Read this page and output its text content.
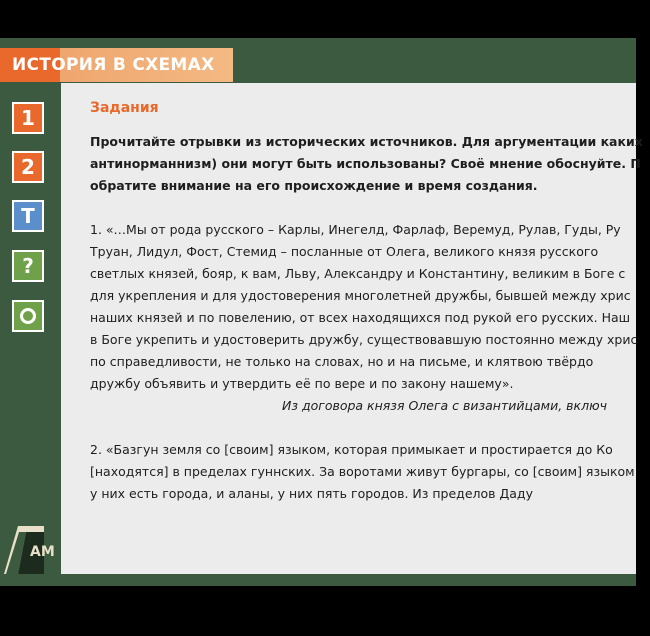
ИСТОРИЯ В СХЕМАХ
1
2
Т
?
Задания
Прочитайте отрывки из исторических источников. Для аргументации каких
антинорманнизм) они могут быть использованы? Своё мнение обоснуйте. П
обратите внимание на его происхождение и время создания.
1. «…Мы от рода русского – Карлы, Инегелд, Фарлаф, Веремуд, Рулав, Гуды, Ру
Труан, Лидул, Фост, Стемид – посланные от Олега, великого князя русского
светлых князей, бояр, к вам, Льву, Александру и Константину, великим в Боге с
для укрепления и для удостоверения многолетней дружбы, бывшей между хрис
наших князей и по повелению, от всех находящихся под рукой его русских. Наш
в Боге укрепить и удостоверить дружбу, существовавшую постоянно между хрис
по справедливости, не только на словах, но и на письме, и клятвою твёрдо
дружбу объявить и утвердить её по вере и по закону нашему».
Из договора князя Олега с византийцами, включ
2. «Базгун земля со [своим] языком, которая примыкает и простирается до Ко
[находятся] в пределах гуннских. За воротами живут бургары, со [своим] языком
у них есть города, и аланы, у них пять городов. Из пределов Даду
АМ
